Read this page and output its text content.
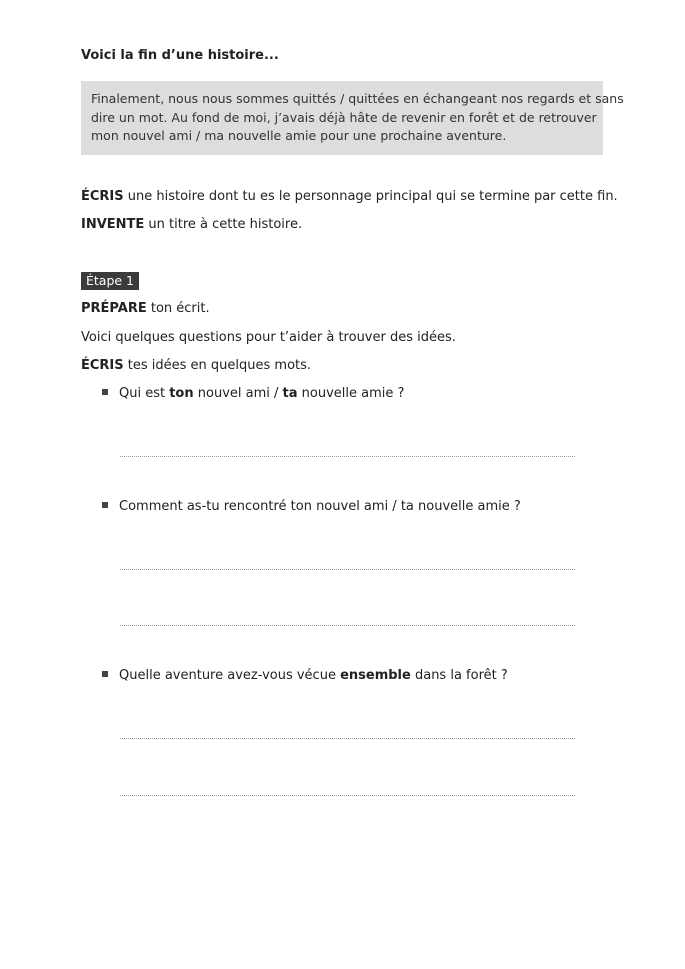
Voici la fin d’une histoire...
Finalement, nous nous sommes quittés / quittées en échangeant nos regards et sans
dire un mot. Au fond de moi, j’avais déjà hâte de revenir en forêt et de retrouver
mon nouvel ami / ma nouvelle amie pour une prochaine aventure.
ÉCRIS une histoire dont tu es le personnage principal qui se termine par cette fin.
INVENTE un titre à cette histoire.
Étape 1
PRÉPARE ton écrit.
Voici quelques questions pour t’aider à trouver des idées.
ÉCRIS tes idées en quelques mots.
Qui est ton nouvel ami / ta nouvelle amie ?
Comment as-tu rencontré ton nouvel ami / ta nouvelle amie ?
Quelle aventure avez-vous vécue ensemble dans la forêt ?
